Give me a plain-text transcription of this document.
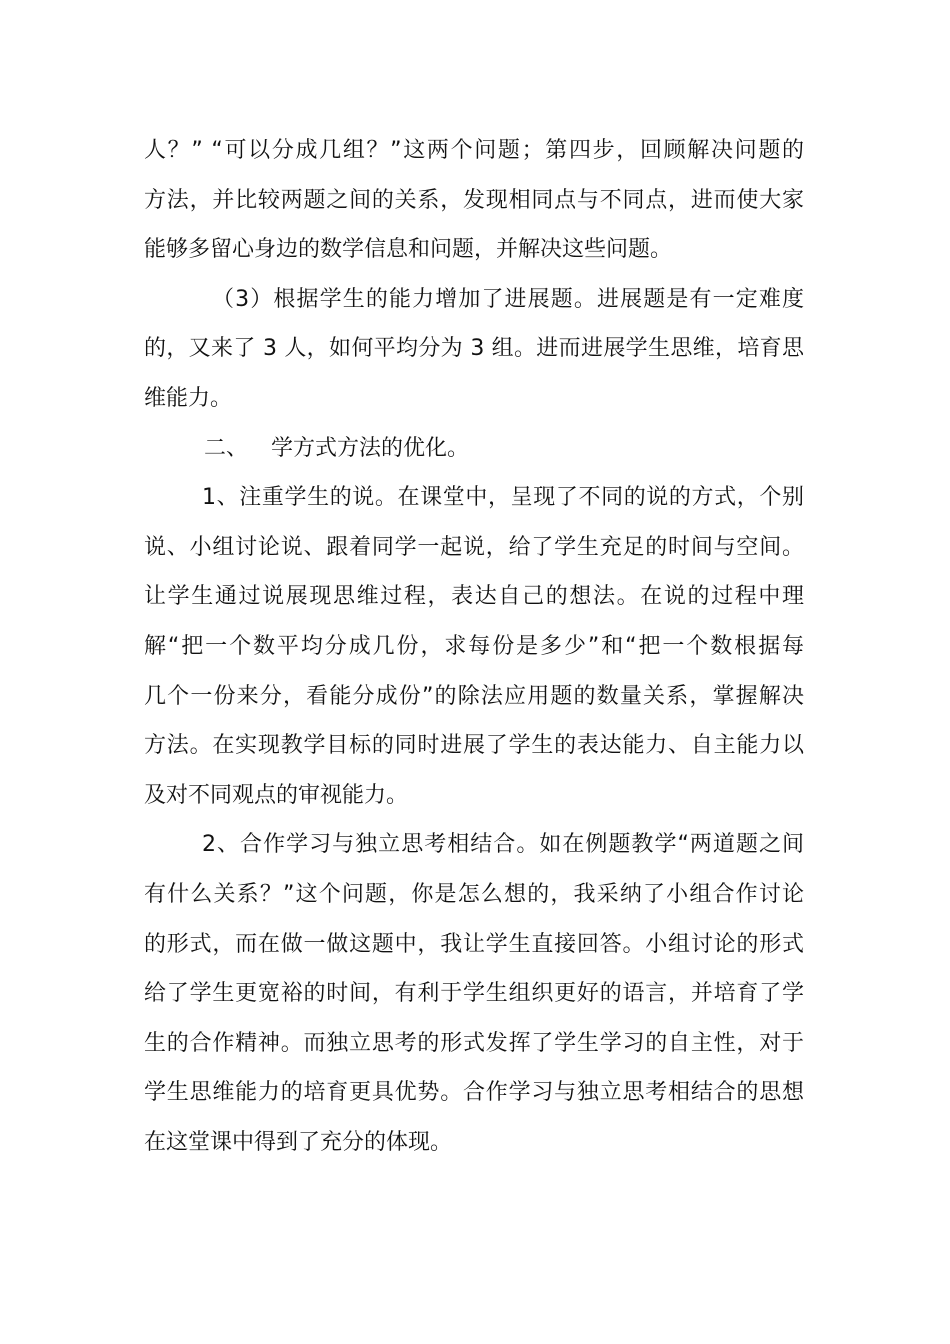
人？” “可以分成几组？”这两个问题；第四步，回顾解决问题的
方法，并比较两题之间的关系，发现相同点与不同点，进而使大家
能够多留心身边的数学信息和问题，并解决这些问题。
（3）根据学生的能力增加了进展题。进展题是有一定难度
的，又来了 3 人，如何平均分为 3 组。进而进展学生思维，培育思
维能力。
二、 学方式方法的优化。
1、注重学生的说。在课堂中，呈现了不同的说的方式，个别
说、小组讨论说、跟着同学一起说，给了学生充足的时间与空间。
让学生通过说展现思维过程，表达自己的想法。在说的过程中理
解“把一个数平均分成几份，求每份是多少”和“把一个数根据每
几个一份来分，看能分成份”的除法应用题的数量关系，掌握解决
方法。在实现教学目标的同时进展了学生的表达能力、自主能力以
及对不同观点的审视能力。
2、合作学习与独立思考相结合。如在例题教学“两道题之间
有什么关系？”这个问题，你是怎么想的，我采纳了小组合作讨论
的形式，而在做一做这题中，我让学生直接回答。小组讨论的形式
给了学生更宽裕的时间，有利于学生组织更好的语言，并培育了学
生的合作精神。而独立思考的形式发挥了学生学习的自主性，对于
学生思维能力的培育更具优势。合作学习与独立思考相结合的思想
在这堂课中得到了充分的体现。
